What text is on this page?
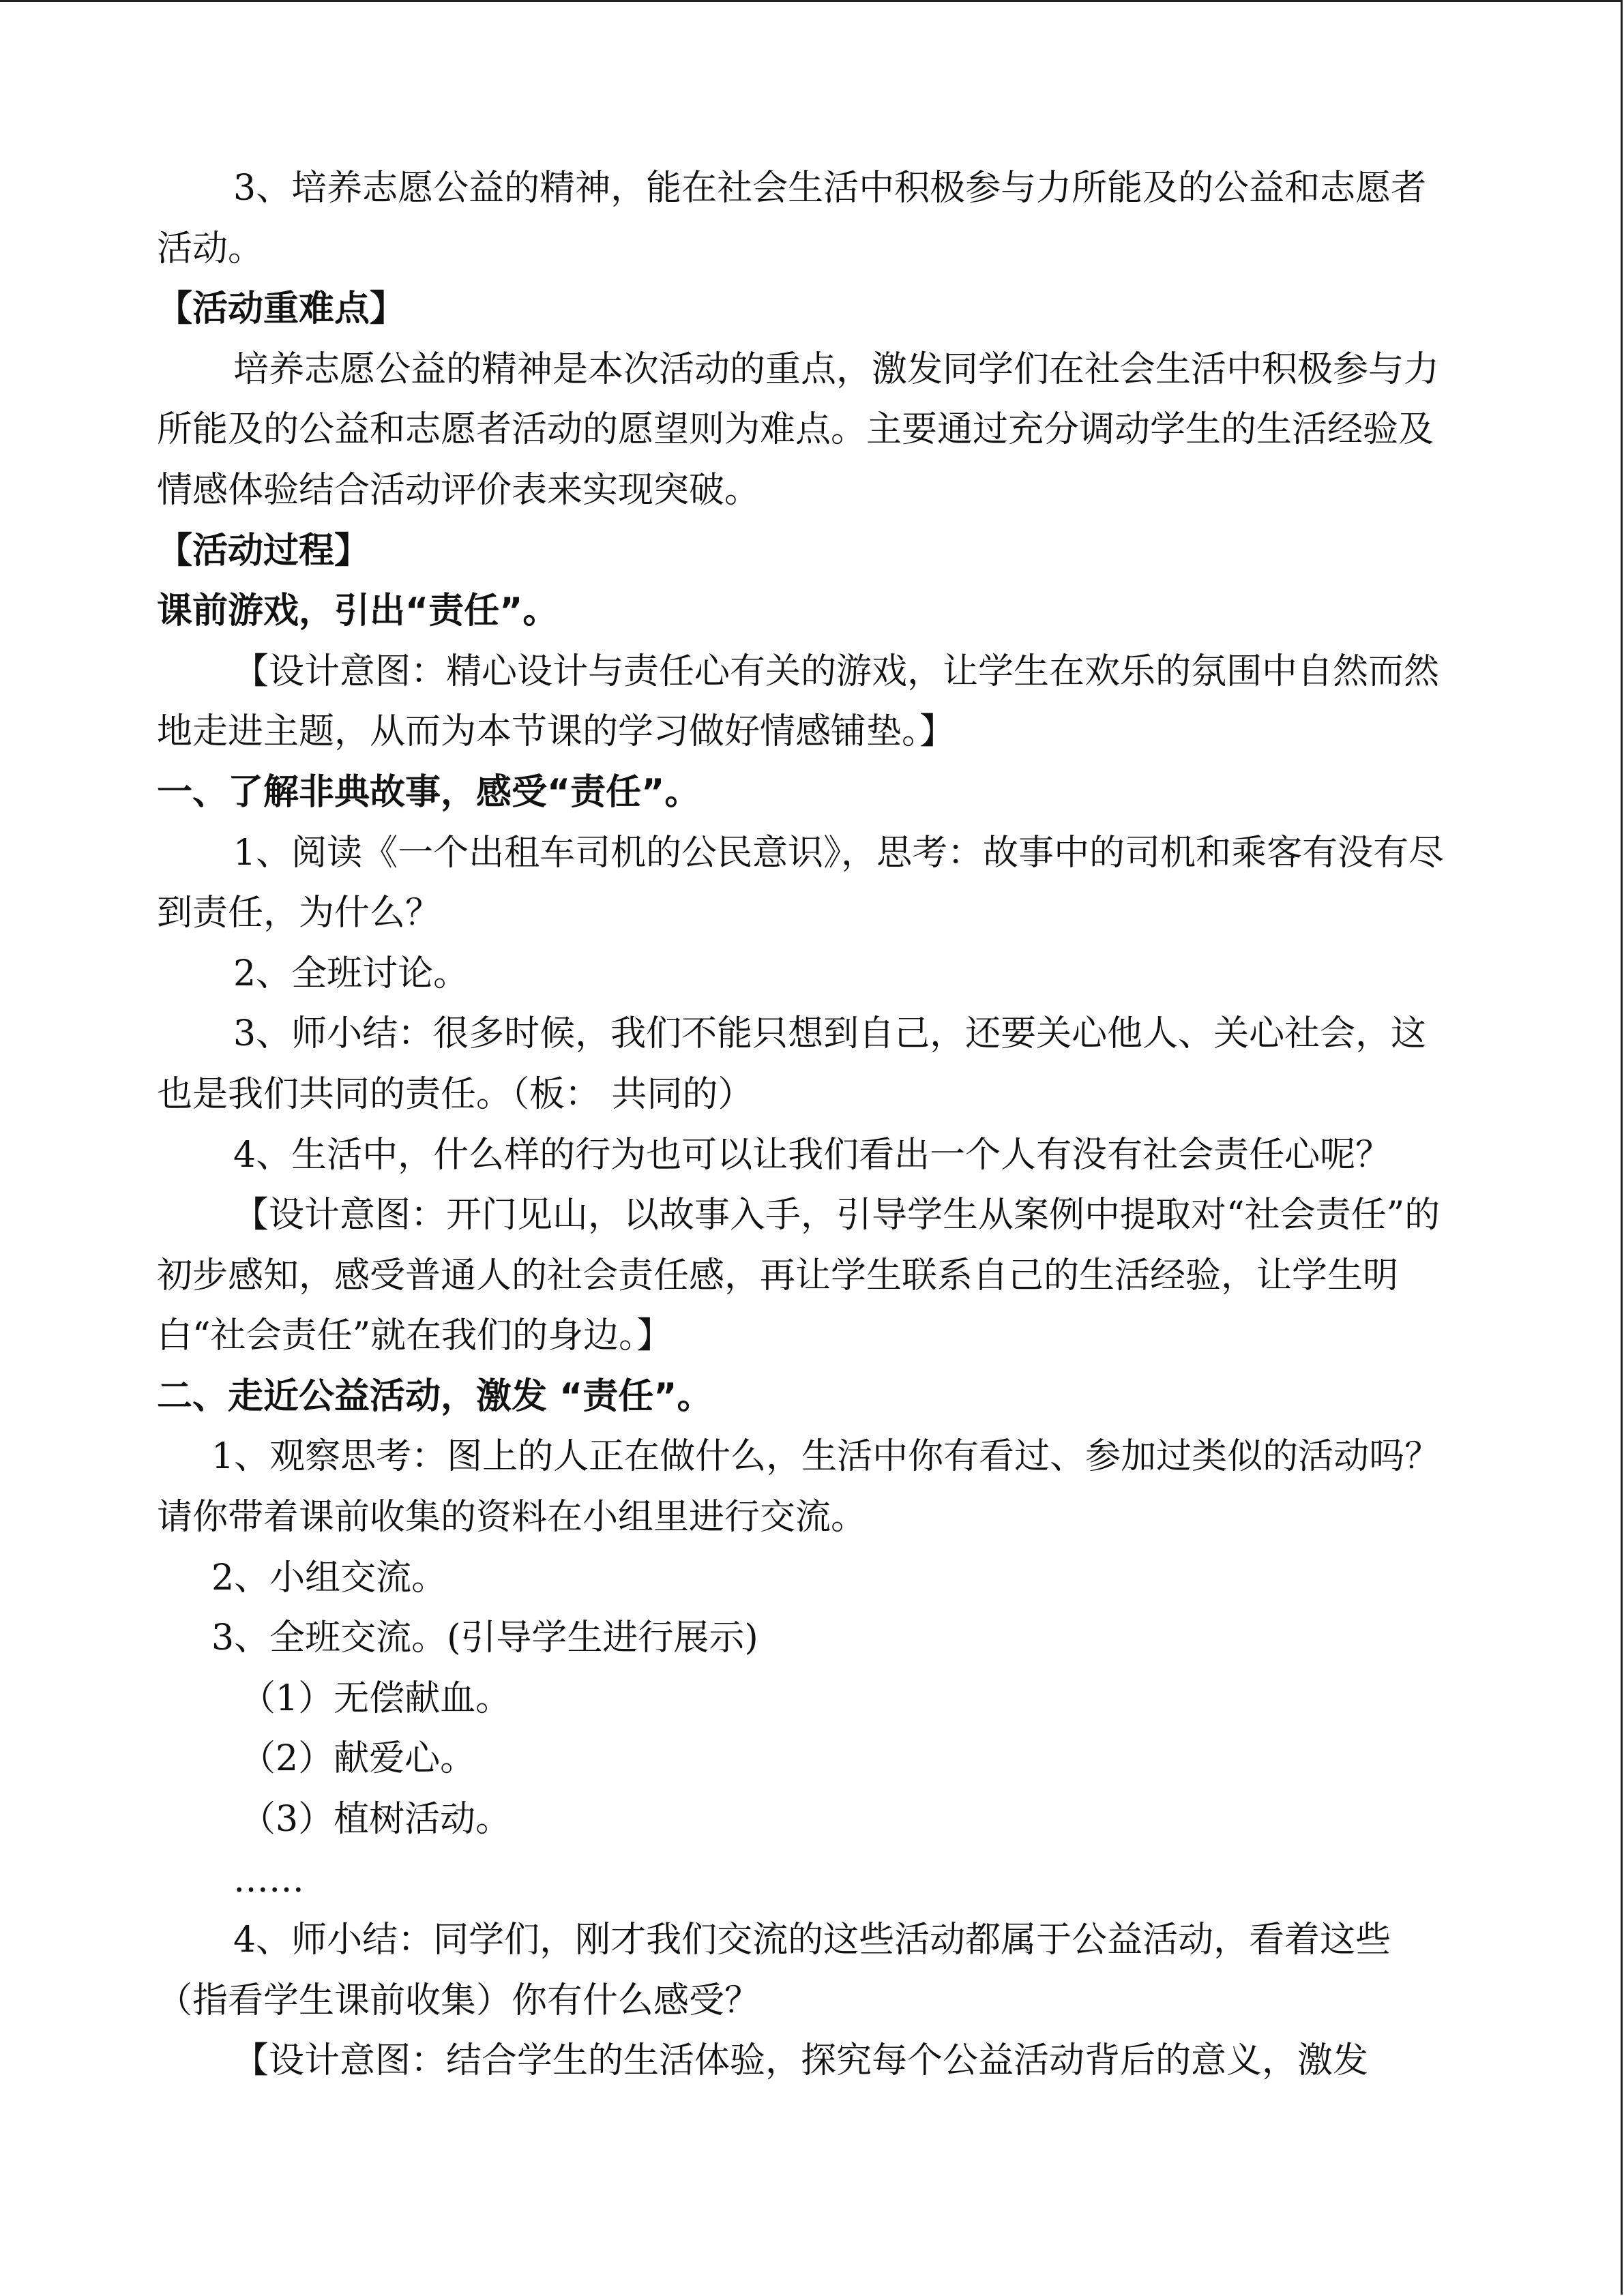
3、培养志愿公益的精神，能在社会生活中积极参与力所能及的公益和志愿者活动。

【活动重难点】

培养志愿公益的精神是本次活动的重点，激发同学们在社会生活中积极参与力所能及的公益和志愿者活动的愿望则为难点。主要通过充分调动学生的生活经验及情感体验结合活动评价表来实现突破。

【活动过程】

课前游戏，引出“责任”。

【设计意图：精心设计与责任心有关的游戏，让学生在欢乐的氛围中自然而然地走进主题，从而为本节课的学习做好情感铺垫。】

一、了解非典故事，感受“责任”。

1、阅读《一个出租车司机的公民意识》，思考：故事中的司机和乘客有没有尽到责任，为什么？

2、全班讨论。

3、师小结：很多时候，我们不能只想到自己，还要关心他人、关心社会，这也是我们共同的责任。（板： 共同的）

4、生活中，什么样的行为也可以让我们看出一个人有没有社会责任心呢？

【设计意图：开门见山，以故事入手，引导学生从案例中提取对“社会责任”的初步感知，感受普通人的社会责任感，再让学生联系自己的生活经验，让学生明白“社会责任”就在我们的身边。】

二、走近公益活动，激发 “责任”。

1、观察思考：图上的人正在做什么，生活中你有看过、参加过类似的活动吗？请你带着课前收集的资料在小组里进行交流。

2、小组交流。

3、全班交流。(引导学生进行展示)

（1）无偿献血。

（2）献爱心。

（3）植树活动。

……

4、师小结：同学们，刚才我们交流的这些活动都属于公益活动，看着这些（指看学生课前收集）你有什么感受？

【设计意图：结合学生的生活体验，探究每个公益活动背后的意义，激发
